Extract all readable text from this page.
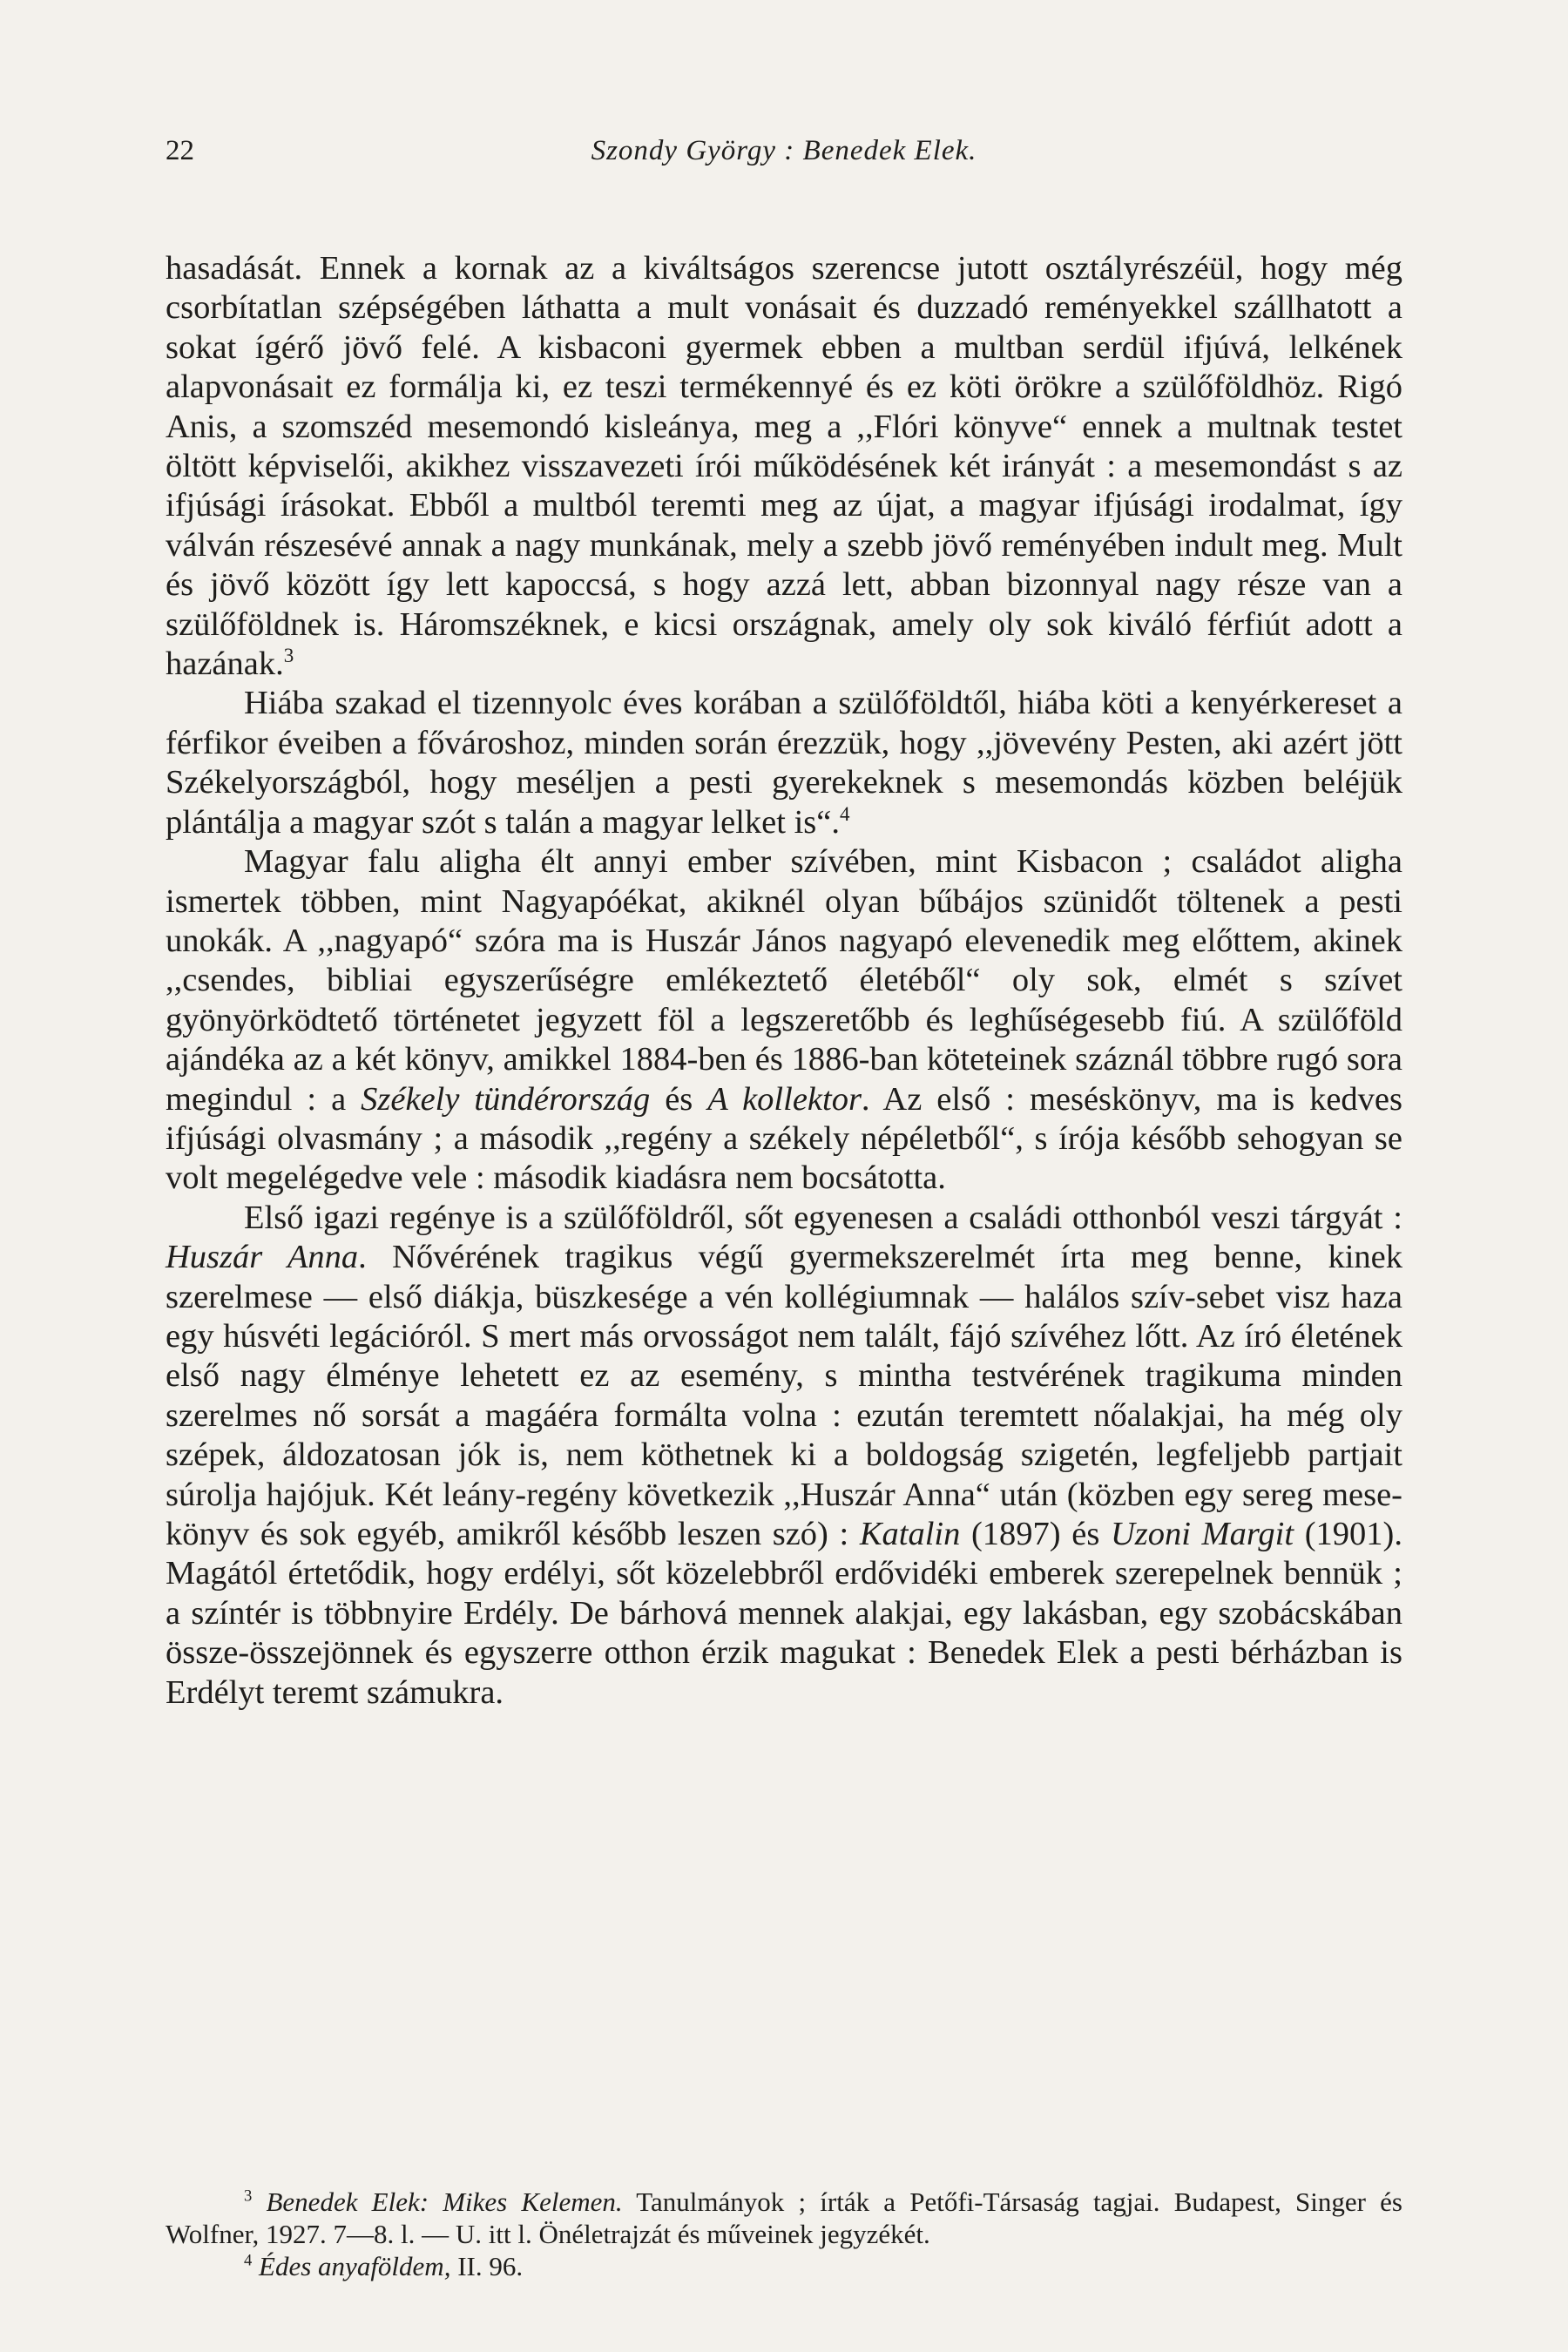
22	Szondy György : Benedek Elek.

hasadását. Ennek a kornak az a kiváltságos szerencse jutott osztályrészéül, hogy még csorbítatlan szépségében láthatta a mult vonásait és duzzadó reményekkel szállhatott a sokat ígérő jövő felé. A kisbaconi gyermek ebben a multban serdül ifjúvá, lelkének alapvonásait ez formálja ki, ez teszi termékennyé és ez köti örökre a szülőföldhöz. Rigó Anis, a szomszéd mesemondó kisleánya, meg a ,,Flóri könyve“ ennek a multnak testet öltött képviselői, akikhez visszavezeti írói működésének két irányát : a mesemondást s az ifjúsági írásokat. Ebből a multból teremti meg az újat, a magyar ifjúsági irodalmat, így válván részesévé annak a nagy munkának, mely a szebb jövő reményében indult meg. Mult és jövő között így lett kapoccsá, s hogy azzá lett, abban bizonnyal nagy része van a szülőföldnek is. Háromszéknek, e kicsi országnak, amely oly sok kiváló férfiút adott a hazának.$^3$

Hiába szakad el tizennyolc éves korában a szülőföldtől, hiába köti a kenyérkereset a férfikor éveiben a fővároshoz, minden során érezzük, hogy ,,jövevény Pesten, aki azért jött Székelyországból, hogy meséljen a pesti gyerekeknek s mesemondás közben beléjük plántálja a magyar szót s talán a magyar lelket is“.$^4$

Magyar falu aligha élt annyi ember szívében, mint Kisbacon ; családot aligha ismertek többen, mint Nagyapóékat, akiknél olyan bűbájos szünidőt töltenek a pesti unokák. A ,,nagyapó“ szóra ma is Huszár János nagyapó elevenedik meg előttem, akinek ,,csendes, bibliai egyszerűségre emlékeztető életéből“ oly sok, elmét s szívet gyönyörködtető történetet jegyzett föl a legszeretőbb és leghűségesebb fiú. A szülőföld ajándéka az a két könyv, amikkel 1884-ben és 1886-ban köteteinek száznál többre rugó sora megindul : a Székely tündérország és A kollektor. Az első : meséskönyv, ma is kedves ifjúsági olvasmány ; a második ,,regény a székely népéletből“, s írója később sehogyan se volt megelégedve vele : második kiadásra nem bocsátotta.

Első igazi regénye is a szülőföldről, sőt egyenesen a családi otthonból veszi tárgyát : Huszár Anna. Nővérének tragikus végű gyermekszerelmét írta meg benne, kinek szerelmese — első diákja, büszkesége a vén kollégiumnak — halálos szív-sebet visz haza egy húsvéti legációról. S mert más orvosságot nem talált, fájó szívéhez lőtt. Az író életének első nagy élménye lehetett ez az esemény, s mintha testvérének tragikuma minden szerelmes nő sorsát a magáéra formálta volna : ezután teremtett nőalakjai, ha még oly szépek, áldozatosan jók is, nem köthetnek ki a boldogság szigetén, legfeljebb partjait súrolja hajójuk. Két leány-regény következik ,,Huszár Anna“ után (közben egy sereg mesekönyv és sok egyéb, amikről később leszen szó) : Katalin (1897) és Uzoni Margit (1901). Magától értetődik, hogy erdélyi, sőt közelebbről erdővidéki emberek szerepelnek bennük ; a színtér is többnyire Erdély. De bárhová mennek alakjai, egy lakásban, egy szobácskában össze-összejönnek és egyszerre otthon érzik magukat : Benedek Elek a pesti bérházban is Erdélyt teremt számukra.

$^3$ Benedek Elek: Mikes Kelemen. Tanulmányok ; írták a Petőfi-Társaság tagjai. Budapest, Singer és Wolfner, 1927. 7—8. l. — U. itt l. Önéletrajzát és műveinek jegyzékét.

$^4$ Édes anyaföldem, II. 96.
